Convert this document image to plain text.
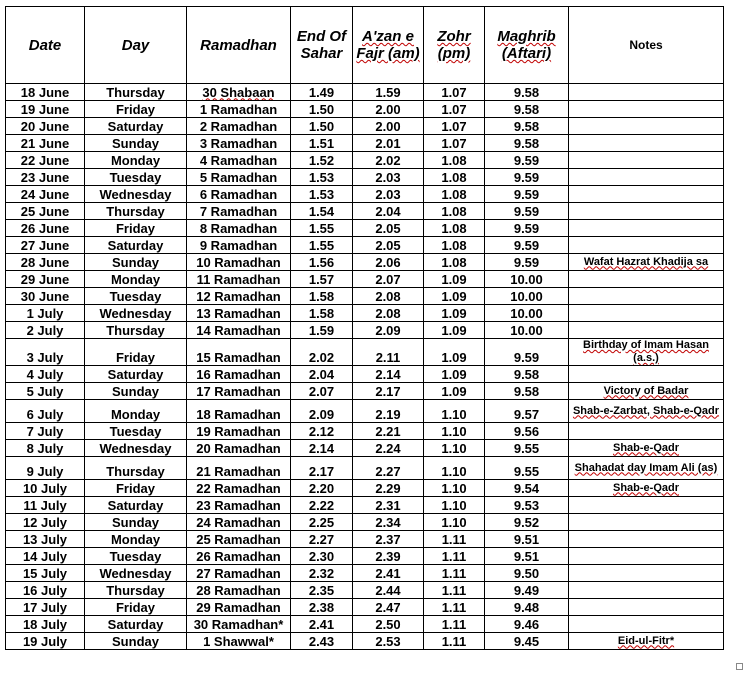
Date	Day	Ramadhan	End Of Sahar	A'zan e Fajr (am)	Zohr (pm)	Maghrib (Aftari)	Notes
18 June	Thursday	30 Shabaan	1.49	1.59	1.07	9.58	
19 June	Friday	1 Ramadhan	1.50	2.00	1.07	9.58	
20 June	Saturday	2 Ramadhan	1.50	2.00	1.07	9.58	
21 June	Sunday	3 Ramadhan	1.51	2.01	1.07	9.58	
22 June	Monday	4 Ramadhan	1.52	2.02	1.08	9.59	
23 June	Tuesday	5 Ramadhan	1.53	2.03	1.08	9.59	
24 June	Wednesday	6 Ramadhan	1.53	2.03	1.08	9.59	
25 June	Thursday	7 Ramadhan	1.54	2.04	1.08	9.59	
26 June	Friday	8 Ramadhan	1.55	2.05	1.08	9.59	
27 June	Saturday	9 Ramadhan	1.55	2.05	1.08	9.59	
28 June	Sunday	10 Ramadhan	1.56	2.06	1.08	9.59	Wafat Hazrat Khadija sa
29 June	Monday	11 Ramadhan	1.57	2.07	1.09	10.00	
30 June	Tuesday	12 Ramadhan	1.58	2.08	1.09	10.00	
1 July	Wednesday	13 Ramadhan	1.58	2.08	1.09	10.00	
2 July	Thursday	14 Ramadhan	1.59	2.09	1.09	10.00	
3 July	Friday	15 Ramadhan	2.02	2.11	1.09	9.59	Birthday of Imam Hasan (a.s.)
4 July	Saturday	16 Ramadhan	2.04	2.14	1.09	9.58	
5 July	Sunday	17 Ramadhan	2.07	2.17	1.09	9.58	Victory of Badar
6 July	Monday	18 Ramadhan	2.09	2.19	1.10	9.57	Shab-e-Zarbat, Shab-e-Qadr
7 July	Tuesday	19 Ramadhan	2.12	2.21	1.10	9.56	
8 July	Wednesday	20 Ramadhan	2.14	2.24	1.10	9.55	Shab-e-Qadr
9 July	Thursday	21 Ramadhan	2.17	2.27	1.10	9.55	Shahadat day Imam Ali (as)
10 July	Friday	22 Ramadhan	2.20	2.29	1.10	9.54	Shab-e-Qadr
11 July	Saturday	23 Ramadhan	2.22	2.31	1.10	9.53	
12 July	Sunday	24 Ramadhan	2.25	2.34	1.10	9.52	
13 July	Monday	25 Ramadhan	2.27	2.37	1.11	9.51	
14 July	Tuesday	26 Ramadhan	2.30	2.39	1.11	9.51	
15 July	Wednesday	27 Ramadhan	2.32	2.41	1.11	9.50	
16 July	Thursday	28 Ramadhan	2.35	2.44	1.11	9.49	
17 July	Friday	29 Ramadhan	2.38	2.47	1.11	9.48	
18 July	Saturday	30 Ramadhan*	2.41	2.50	1.11	9.46	
19 July	Sunday	1 Shawwal*	2.43	2.53	1.11	9.45	Eid-ul-Fitr*
